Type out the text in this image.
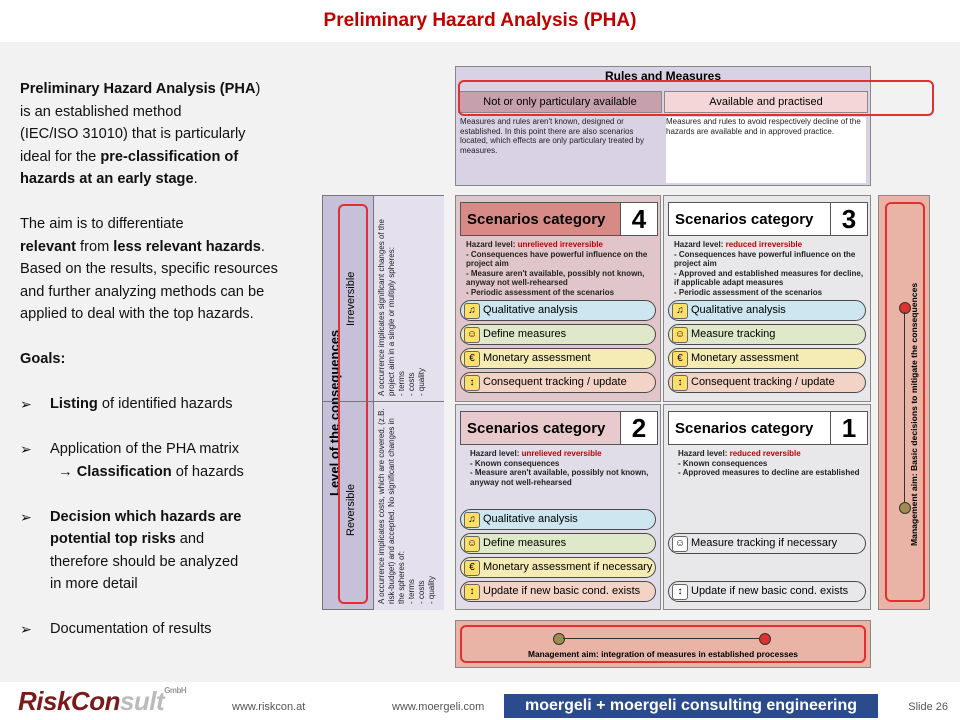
Preliminary Hazard Analysis (PHA)

Preliminary Hazard Analysis (PHA)

is an established method

(IEC/ISO 31010) that is particularly

ideal for the pre-classification of

hazards at an early stage.

The aim is to differentiate

relevant from less relevant hazards.

Based on the results, specific resources

and further analyzing methods can be

applied to deal with the top hazards.

Goals:

➢	Listing of identified hazards

➢	Application of the PHA matrix
→ Classification of hazards

➢	Decision which hazards are
potential top risks and
therefore should be analyzed
in more detail

➢	Documentation of results
Rules and Measures
Not or only particulary available	Available and practised
Measures and rules aren't known, designed or established. In this point there are also scenarios located, which effects are only particulary treated by measures.
Measures and rules to avoid respectively decline of the hazards are available and in approved practice.
Level of the consequences
Irreversible
Reversible
A occurrence implicates significant changes of the project aim in a single or multiply spheres: - terms - costs - quality
A occurrence implicates costs, which are covered, (z.B. risk-budget) and accepted. No significant changes in the spheres of: - terms - costs - quality
Scenarios category	4
Hazard level: unrelieved irreversible
- Consequences have powerful influence on the project aim
- Measure aren't available, possibly not known, anyway not well-rehearsed
- Periodic assessment of the scenarios
♫ Qualitative analysis
☺ Define measures
€ Monetary assessment
↕ Consequent tracking / update
Scenarios category	3
Hazard level: reduced irreversible
- Consequences have powerful influence on the project aim
- Approved and established measures for decline, if applicable adapt measures
- Periodic assessment of the scenarios
♫ Qualitative analysis
☺ Measure tracking
€ Monetary assessment
↕ Consequent tracking / update
Scenarios category	2
Hazard level: unrelieved reversible
- Known consequences
- Measure aren't available, possibly not known, anyway not well-rehearsed
♫ Qualitative analysis
☺ Define measures
€ Monetary assessment if necessary
↕ Update if new basic cond. exists
Scenarios category	1
Hazard level: reduced reversible
- Known consequences
- Approved measures to decline are established
☺ Measure tracking if necessary
↕ Update if new basic cond. exists
Management aim: Basic decisions to mitigate the consequences
Management aim: integration of measures in established processes
RiskConsult$^{GmbH}$
www.riskcon.at	www.moergeli.com	moergeli + moergeli consulting engineering	Slide 26
